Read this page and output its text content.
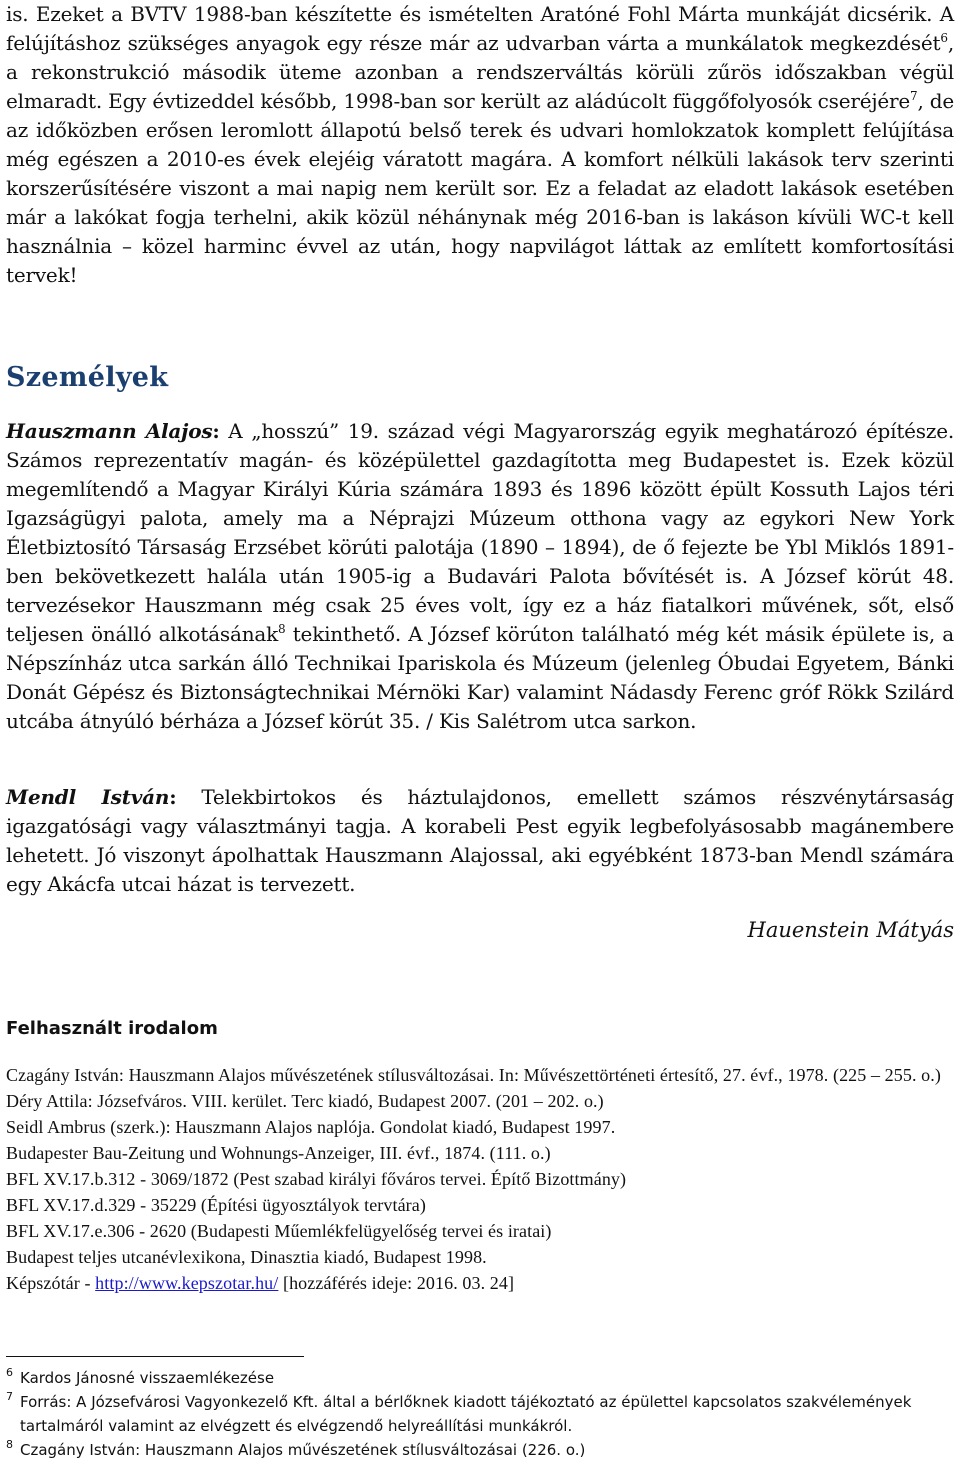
is. Ezeket a BVTV 1988-ban készítette és ismételten Aratóné Fohl Márta munkáját dicsérik. A felújításhoz szükséges anyagok egy része már az udvarban várta a munkálatok megkezdését$^6$, a rekonstrukció második üteme azonban a rendszerváltás körüli zűrös időszakban végül elmaradt. Egy évtizeddel később, 1998-ban sor került az aládúcolt függőfolyosók cseréjére$^7$, de az időközben erősen leromlott állapotú belső terek és udvari homlokzatok komplett felújítása még egészen a 2010-es évek elejéig váratott magára. A komfort nélküli lakások terv szerinti korszerűsítésére viszont a mai napig nem került sor. Ez a feladat az eladott lakások esetében már a lakókat fogja terhelni, akik közül néhánynak még 2016-ban is lakáson kívüli WC-t kell használnia – közel harminc évvel az után, hogy napvilágot láttak az említett komfortosítási tervek!

Személyek

Hauszmann Alajos: A „hosszú” 19. század végi Magyarország egyik meghatározó építésze. Számos reprezentatív magán- és középülettel gazdagította meg Budapestet is. Ezek közül megemlítendő a Magyar Királyi Kúria számára 1893 és 1896 között épült Kossuth Lajos téri Igazságügyi palota, amely ma a Néprajzi Múzeum otthona vagy az egykori New York Életbiztosító Társaság Erzsébet körúti palotája (1890 – 1894), de ő fejezte be Ybl Miklós 1891-ben bekövetkezett halála után 1905-ig a Budavári Palota bővítését is. A József körút 48. tervezésekor Hauszmann még csak 25 éves volt, így ez a ház fiatalkori művének, sőt, első teljesen önálló alkotásának$^8$ tekinthető. A József körúton található még két másik épülete is, a Népszínház utca sarkán álló Technikai Ipariskola és Múzeum (jelenleg Óbudai Egyetem, Bánki Donát Gépész és Biztonságtechnikai Mérnöki Kar) valamint Nádasdy Ferenc gróf Rökk Szilárd utcába átnyúló bérháza a József körút 35. / Kis Salétrom utca sarkon.

Mendl István: Telekbirtokos és háztulajdonos, emellett számos részvénytársaság igazgatósági vagy választmányi tagja. A korabeli Pest egyik legbefolyásosabb magánembere lehetett. Jó viszonyt ápolhattak Hauszmann Alajossal, aki egyébként 1873-ban Mendl számára egy Akácfa utcai házat is tervezett.

Hauenstein Mátyás
Felhasznált irodalom
Czagány István: Hauszmann Alajos művészetének stílusváltozásai. In: Művészettörténeti értesítő, 27. évf., 1978. (225 – 255. o.)
Déry Attila: Józsefváros. VIII. kerület. Terc kiadó, Budapest 2007. (201 – 202. o.)
Seidl Ambrus (szerk.): Hauszmann Alajos naplója. Gondolat kiadó, Budapest 1997.
Budapester Bau-Zeitung und Wohnungs-Anzeiger, III. évf., 1874. (111. o.)
BFL XV.17.b.312 - 3069/1872 (Pest szabad királyi főváros tervei. Építő Bizottmány)
BFL XV.17.d.329 - 35229 (Építési ügyosztályok tervtára)
BFL XV.17.e.306 - 2620 (Budapesti Műemlékfelügyelőség tervei és iratai)
Budapest teljes utcanévlexikona, Dinasztia kiadó, Budapest 1998.
Képszótár - http://www.kepszotar.hu/ [hozzáférés ideje: 2016. 03. 24]
6 Kardos Jánosné visszaemlékezése
7 Forrás: A Józsefvárosi Vagyonkezelő Kft. által a bérlőknek kiadott tájékoztató az épülettel kapcsolatos szakvélemények tartalmáról valamint az elvégzett és elvégzendő helyreállítási munkákról.
8 Czagány István: Hauszmann Alajos művészetének stílusváltozásai (226. o.)
